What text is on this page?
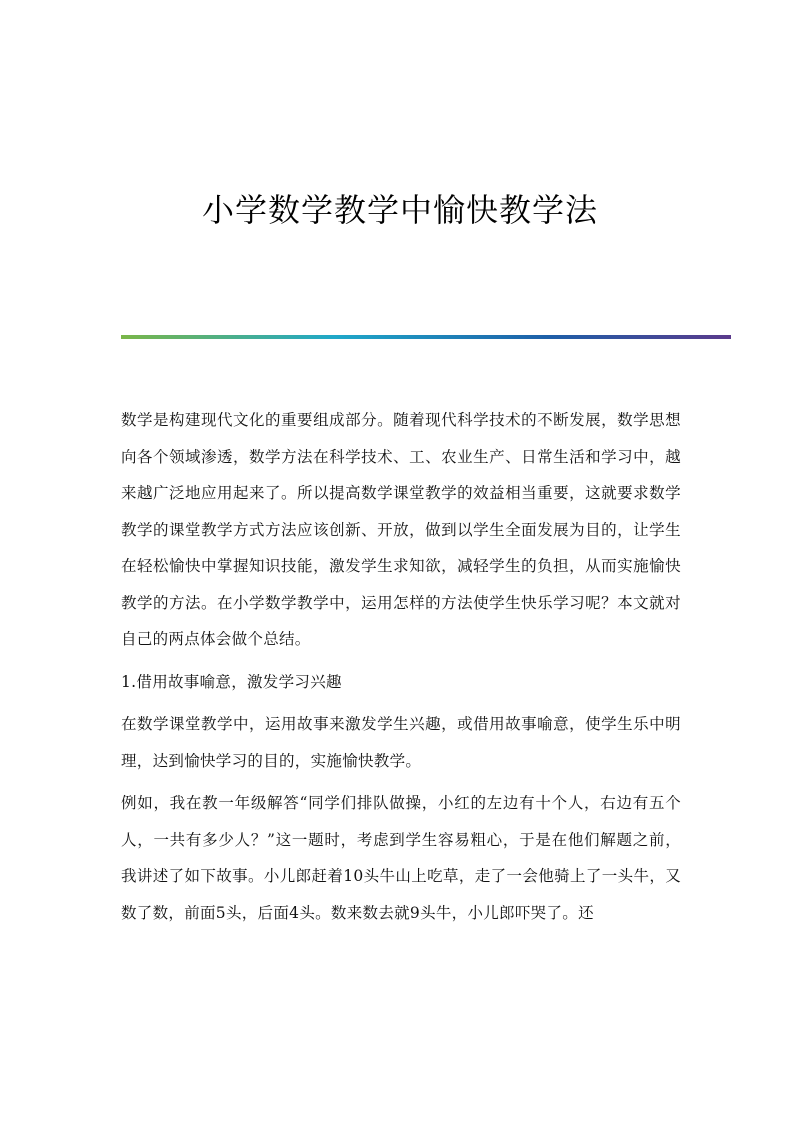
小学数学教学中愉快教学法

数学是构建现代文化的重要组成部分。随着现代科学技术的不断发展，数学思想向各个领域渗透，数学方法在科学技术、工、农业生产、日常生活和学习中，越来越广泛地应用起来了。所以提高数学课堂教学的效益相当重要，这就要求数学教学的课堂教学方式方法应该创新、开放，做到以学生全面发展为目的，让学生在轻松愉快中掌握知识技能，激发学生求知欲，减轻学生的负担，从而实施愉快教学的方法。在小学数学教学中，运用怎样的方法使学生快乐学习呢？本文就对自己的两点体会做个总结。

1.借用故事喻意，激发学习兴趣

在数学课堂教学中，运用故事来激发学生兴趣，或借用故事喻意，使学生乐中明理，达到愉快学习的目的，实施愉快教学。

例如，我在教一年级解答“同学们排队做操，小红的左边有十个人，右边有五个人，一共有多少人？”这一题时，考虑到学生容易粗心，于是在他们解题之前，我讲述了如下故事。小儿郎赶着10头牛山上吃草，走了一会他骑上了一头牛，又数了数，前面5头，后面4头。数来数去就9头牛，小儿郎吓哭了。还
